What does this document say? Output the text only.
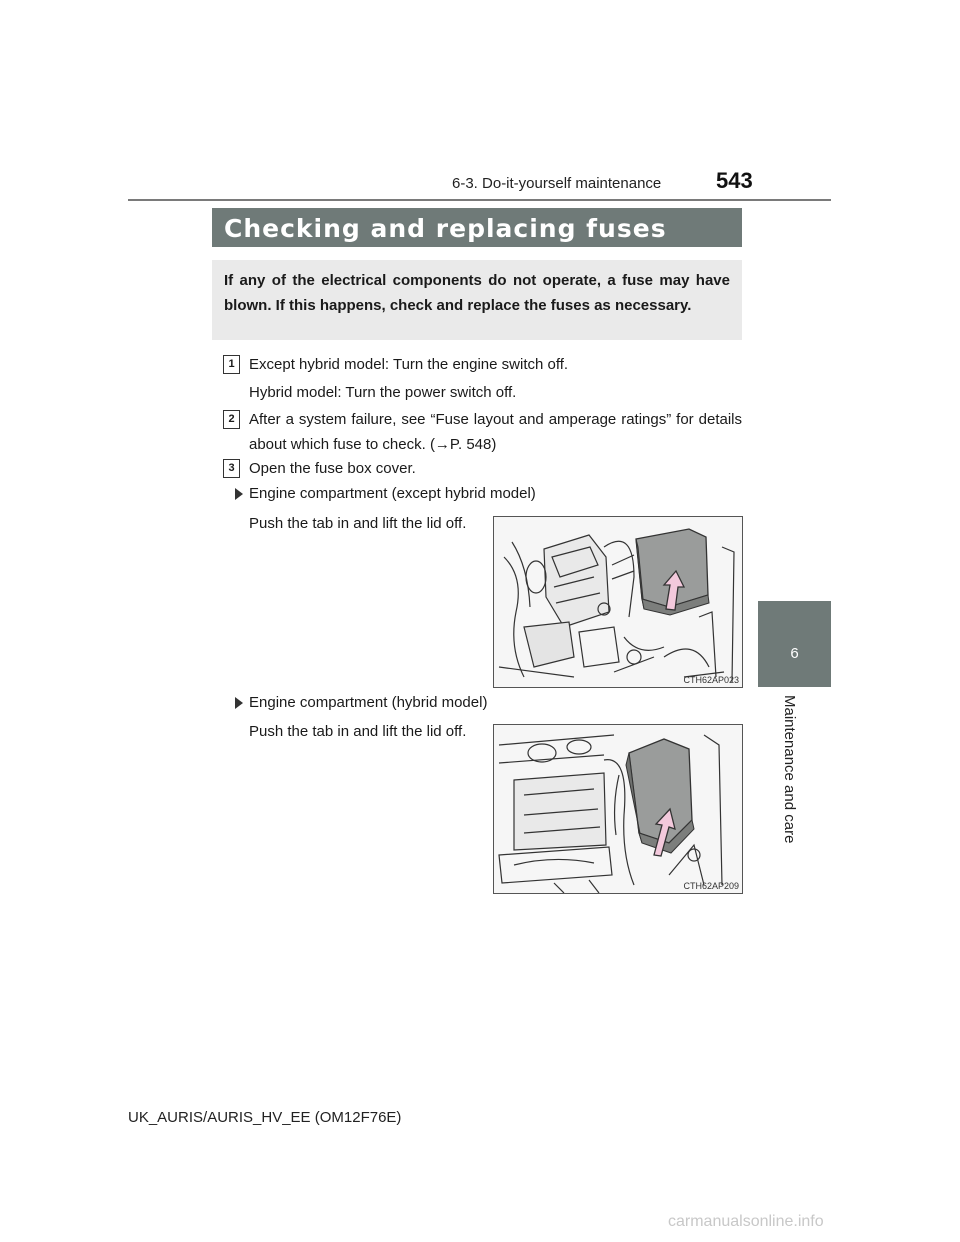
6-3. Do-it-yourself maintenance 543
6
Maintenance and care
Checking and replacing fuses
If any of the electrical components do not operate, a fuse may have blown. If this happens, check and replace the fuses as necessary.
1 Except hybrid model: Turn the engine switch off.
Hybrid model: Turn the power switch off.
2 After a system failure, see “Fuse layout and amperage ratings” for details about which fuse to check. (→P. 548)
3 Open the fuse box cover.
Engine compartment (except hybrid model)
Push the tab in and lift the lid off.
CTH62AP023
Engine compartment (hybrid model)
Push the tab in and lift the lid off.
CTH62AP209
UK_AURIS/AURIS_HV_EE (OM12F76E)
carmanualsonline.info
